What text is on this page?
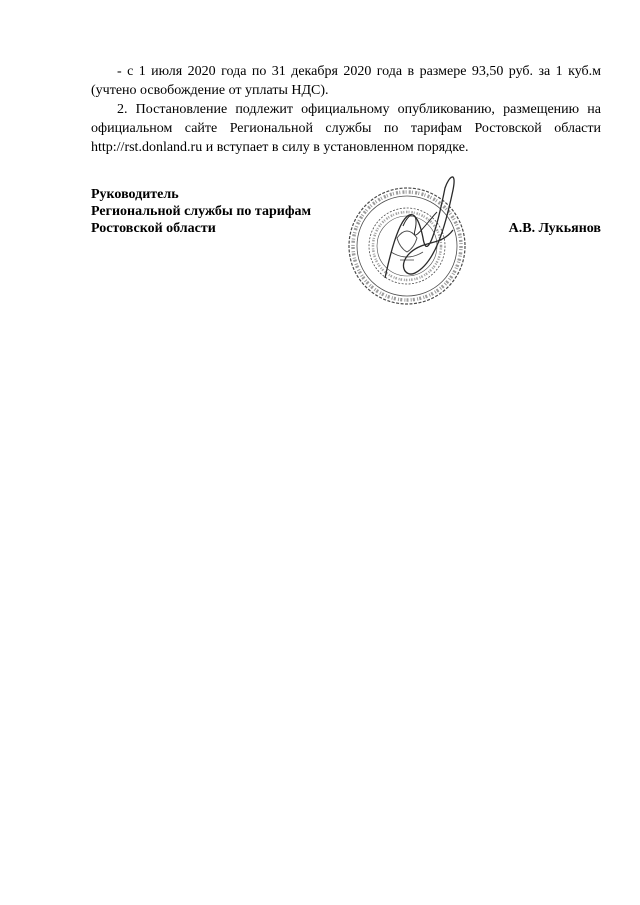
- с 1 июля 2020 года по 31 декабря 2020 года в размере 93,50 руб. за 1 куб.м (учтено освобождение от уплаты НДС).

2. Постановление подлежит официальному опубликованию, размещению на официальном сайте Региональной службы по тарифам Ростовской области http://rst.donland.ru и вступает в силу в установленном порядке.

Руководитель
Региональной службы по тарифам
Ростовской области	А.В. Лукьянов
